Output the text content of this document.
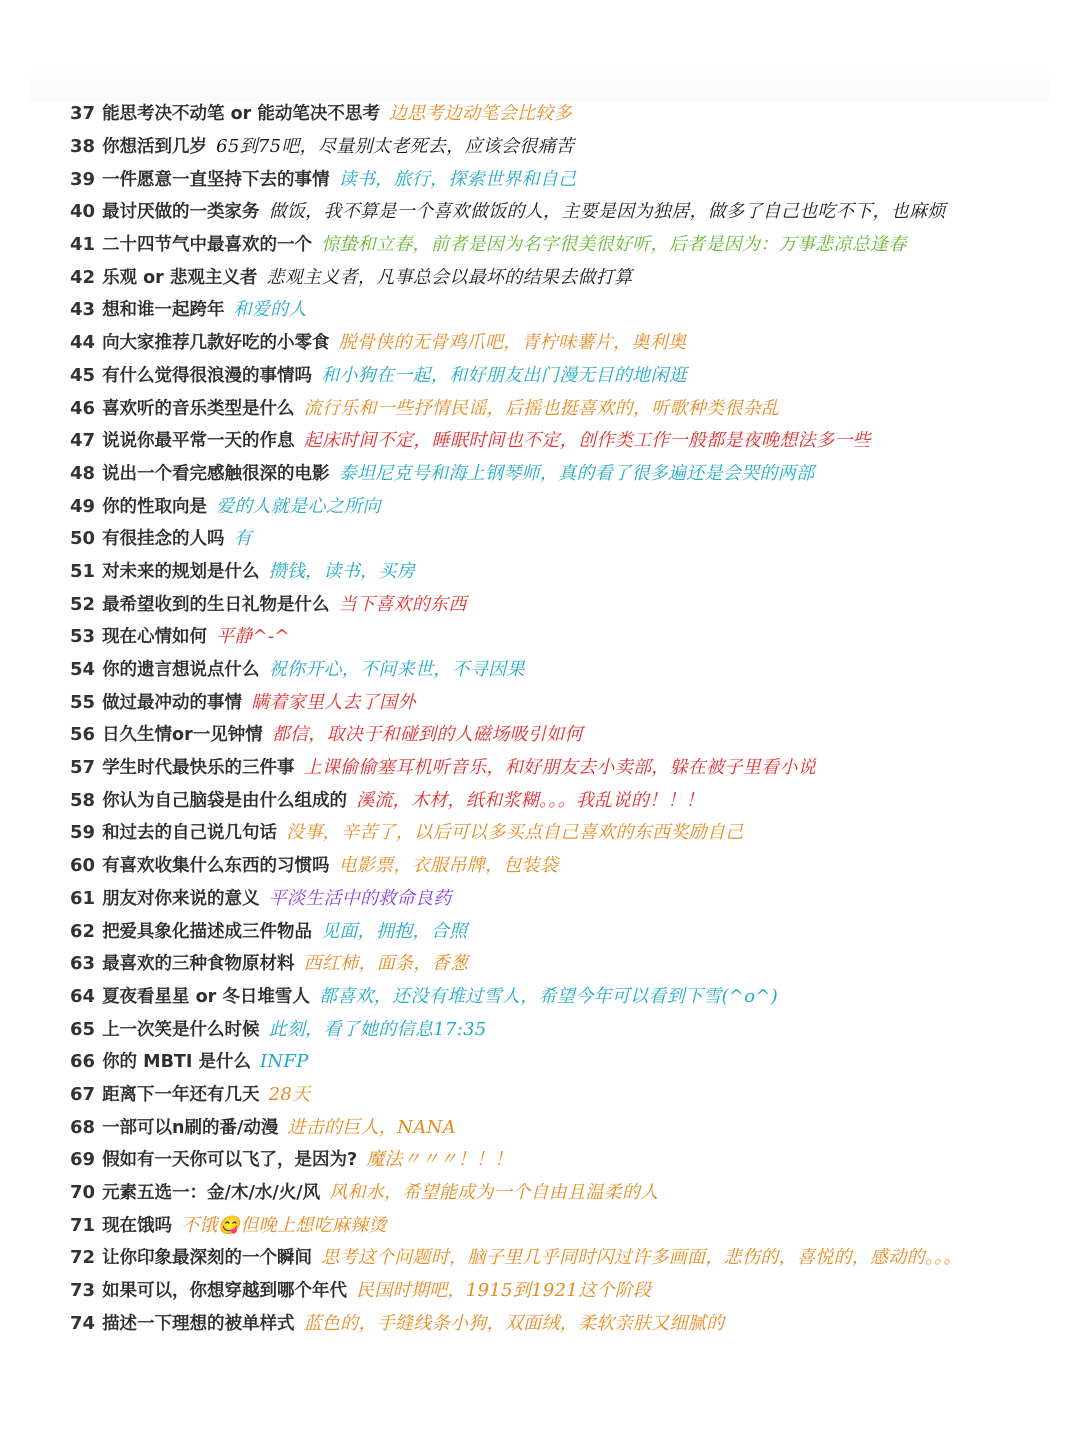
37 能思考决不动笔 or 能动笔决不思考 边思考边动笔会比较多
38 你想活到几岁 65到75吧，尽量别太老死去，应该会很痛苦
39 一件愿意一直坚持下去的事情 读书，旅行，探索世界和自己
40 最讨厌做的一类家务 做饭，我不算是一个喜欢做饭的人，主要是因为独居，做多了自己也吃不下，也麻烦
41 二十四节气中最喜欢的一个 惊蛰和立春，前者是因为名字很美很好听，后者是因为：万事悲凉总逢春
42 乐观 or 悲观主义者 悲观主义者，凡事总会以最坏的结果去做打算
43 想和谁一起跨年 和爱的人
44 向大家推荐几款好吃的小零食 脱骨侠的无骨鸡爪吧，青柠味薯片，奥利奥
45 有什么觉得很浪漫的事情吗 和小狗在一起，和好朋友出门漫无目的地闲逛
46 喜欢听的音乐类型是什么 流行乐和一些抒情民谣，后摇也挺喜欢的，听歌种类很杂乱
47 说说你最平常一天的作息 起床时间不定，睡眠时间也不定，创作类工作一般都是夜晚想法多一些
48 说出一个看完感触很深的电影 泰坦尼克号和海上钢琴师，真的看了很多遍还是会哭的两部
49 你的性取向是 爱的人就是心之所向
50 有很挂念的人吗 有
51 对未来的规划是什么 攒钱，读书，买房
52 最希望收到的生日礼物是什么 当下喜欢的东西
53 现在心情如何 平静^-^
54 你的遗言想说点什么 祝你开心，不问来世，不寻因果
55 做过最冲动的事情 瞒着家里人去了国外
56 日久生情or一见钟情 都信，取决于和碰到的人磁场吸引如何
57 学生时代最快乐的三件事 上课偷偷塞耳机听音乐，和好朋友去小卖部，躲在被子里看小说
58 你认为自己脑袋是由什么组成的 溪流，木材，纸和浆糊。。。我乱说的！！！
59 和过去的自己说几句话 没事，辛苦了，以后可以多买点自己喜欢的东西奖励自己
60 有喜欢收集什么东西的习惯吗 电影票，衣服吊牌，包装袋
61 朋友对你来说的意义 平淡生活中的救命良药
62 把爱具象化描述成三件物品 见面，拥抱，合照
63 最喜欢的三种食物原材料 西红柿，面条，香葱
64 夏夜看星星 or 冬日堆雪人 都喜欢，还没有堆过雪人，希望今年可以看到下雪(^o^)
65 上一次笑是什么时候 此刻，看了她的信息17:35
66 你的 MBTI 是什么 INFP
67 距离下一年还有几天 28天
68 一部可以n刷的番/动漫 进击的巨人，NANA
69 假如有一天你可以飞了，是因为? 魔法〃〃〃！！！
70 元素五选一：金/木/水/火/风 风和水，希望能成为一个自由且温柔的人
71 现在饿吗 不饿😋但晚上想吃麻辣烫
72 让你印象最深刻的一个瞬间 思考这个问题时，脑子里几乎同时闪过许多画面，悲伤的，喜悦的，感动的。。。
73 如果可以，你想穿越到哪个年代 民国时期吧，1915到1921这个阶段
74 描述一下理想的被单样式 蓝色的，手缝线条小狗，双面绒，柔软亲肤又细腻的
